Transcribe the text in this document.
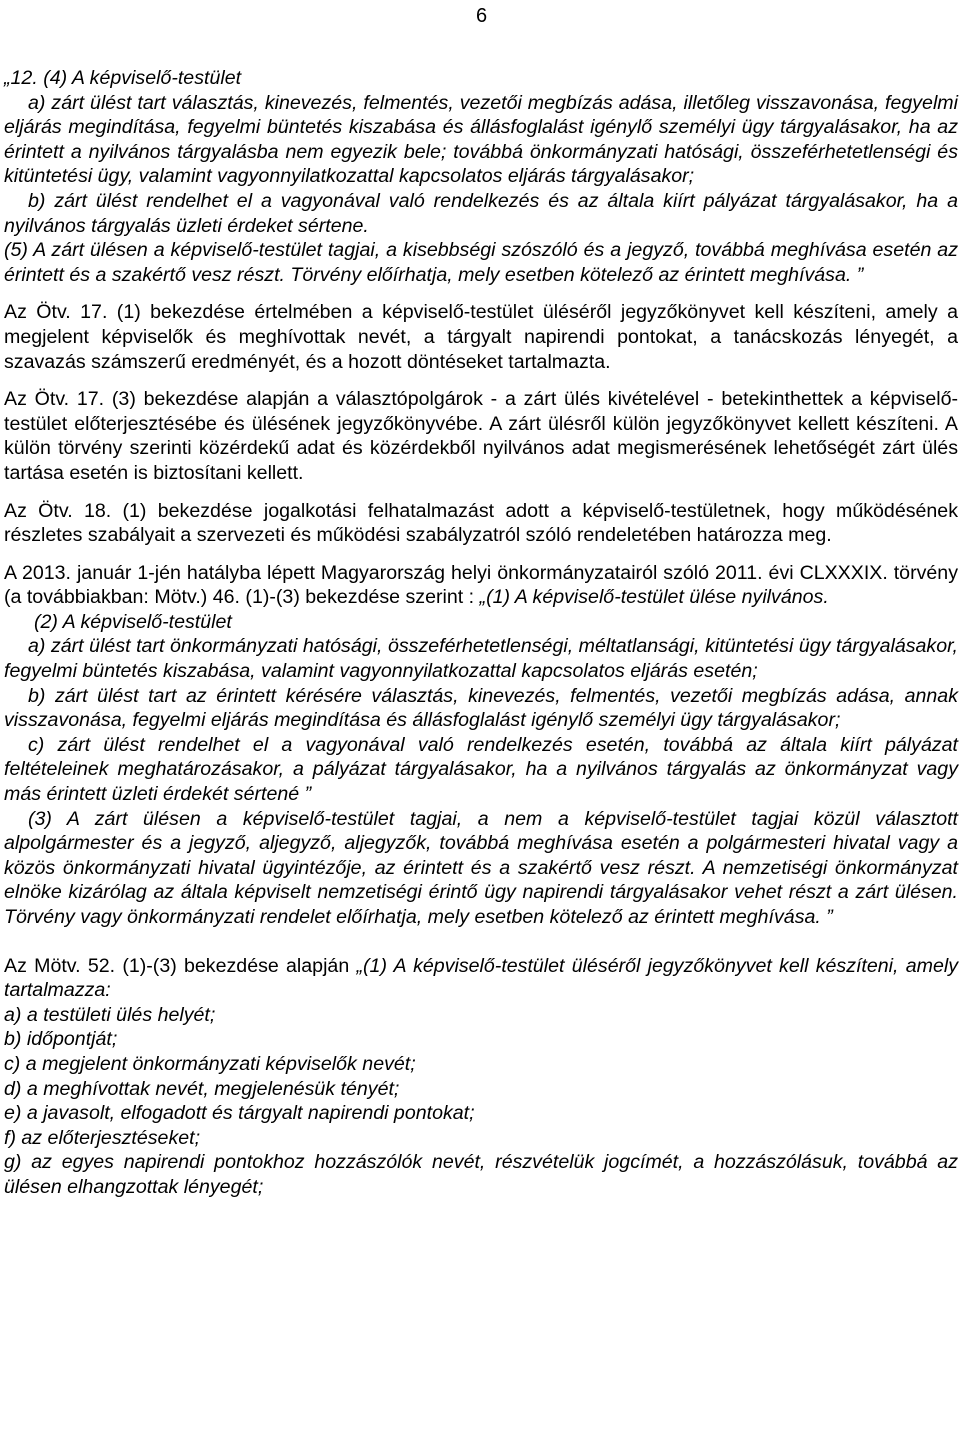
6

„12. (4) A képviselő-testület

a) zárt ülést tart választás, kinevezés, felmentés, vezetői megbízás adása, illetőleg visszavonása, fegyelmi eljárás megindítása, fegyelmi büntetés kiszabása és állásfoglalást igénylő személyi ügy tárgyalásakor, ha az érintett a nyilvános tárgyalásba nem egyezik bele; továbbá önkormányzati hatósági, összeférhetetlenségi és kitüntetési ügy, valamint vagyonnyilatkozattal kapcsolatos eljárás tárgyalásakor;

b) zárt ülést rendelhet el a vagyonával való rendelkezés és az általa kiírt pályázat tárgyalásakor, ha a nyilvános tárgyalás üzleti érdeket sértene.

(5) A zárt ülésen a képviselő-testület tagjai, a kisebbségi szószóló és a jegyző, továbbá meghívása esetén az érintett és a szakértő vesz részt. Törvény előírhatja, mely esetben kötelező az érintett meghívása. ”

Az Ötv. 17. (1) bekezdése értelmében a képviselő-testület üléséről jegyzőkönyvet kell készíteni, amely a megjelent képviselők és meghívottak nevét, a tárgyalt napirendi pontokat, a tanácskozás lényegét, a szavazás számszerű eredményét, és a hozott döntéseket tartalmazta.

Az Ötv. 17. (3) bekezdése alapján a választópolgárok - a zárt ülés kivételével - betekinthettek a képviselő-testület előterjesztésébe és ülésének jegyzőkönyvébe. A zárt ülésről külön jegyzőkönyvet kellett készíteni. A külön törvény szerinti közérdekű adat és közérdekből nyilvános adat megismerésének lehetőségét zárt ülés tartása esetén is biztosítani kellett.

Az Ötv. 18. (1) bekezdése jogalkotási felhatalmazást adott a képviselő-testületnek, hogy működésének részletes szabályait a szervezeti és működési szabályzatról szóló rendeletében határozza meg.

A 2013. január 1-jén hatályba lépett Magyarország helyi önkormányzatairól szóló 2011. évi CLXXXIX. törvény (a továbbiakban: Mötv.) 46. (1)-(3) bekezdése szerint : „(1) A képviselő-testület ülése nyilvános.

(2) A képviselő-testület

a) zárt ülést tart önkormányzati hatósági, összeférhetetlenségi, méltatlansági, kitüntetési ügy tárgyalásakor, fegyelmi büntetés kiszabása, valamint vagyonnyilatkozattal kapcsolatos eljárás esetén;

b) zárt ülést tart az érintett kérésére választás, kinevezés, felmentés, vezetői megbízás adása, annak visszavonása, fegyelmi eljárás megindítása és állásfoglalást igénylő személyi ügy tárgyalásakor;

c) zárt ülést rendelhet el a vagyonával való rendelkezés esetén, továbbá az általa kiírt pályázat feltételeinek meghatározásakor, a pályázat tárgyalásakor, ha a nyilvános tárgyalás az önkormányzat vagy más érintett üzleti érdekét sértené ”

(3) A zárt ülésen a képviselő-testület tagjai, a nem a képviselő-testület tagjai közül választott alpolgármester és a jegyző, aljegyző, aljegyzők, továbbá meghívása esetén a polgármesteri hivatal vagy a közös önkormányzati hivatal ügyintézője, az érintett és a szakértő vesz részt. A nemzetiségi önkormányzat elnöke kizárólag az általa képviselt nemzetiségi érintő ügy napirendi tárgyalásakor vehet részt a zárt ülésen. Törvény vagy önkormányzati rendelet előírhatja, mely esetben kötelező az érintett meghívása. ”

Az Mötv. 52. (1)-(3) bekezdése alapján „(1) A képviselő-testület üléséről jegyzőkönyvet kell készíteni, amely tartalmazza:

a) a testületi ülés helyét;

b) időpontját;

c) a megjelent önkormányzati képviselők nevét;

d) a meghívottak nevét, megjelenésük tényét;

e) a javasolt, elfogadott és tárgyalt napirendi pontokat;

f) az előterjesztéseket;

g) az egyes napirendi pontokhoz hozzászólók nevét, részvételük jogcímét, a hozzászólásuk, továbbá az ülésen elhangzottak lényegét;
